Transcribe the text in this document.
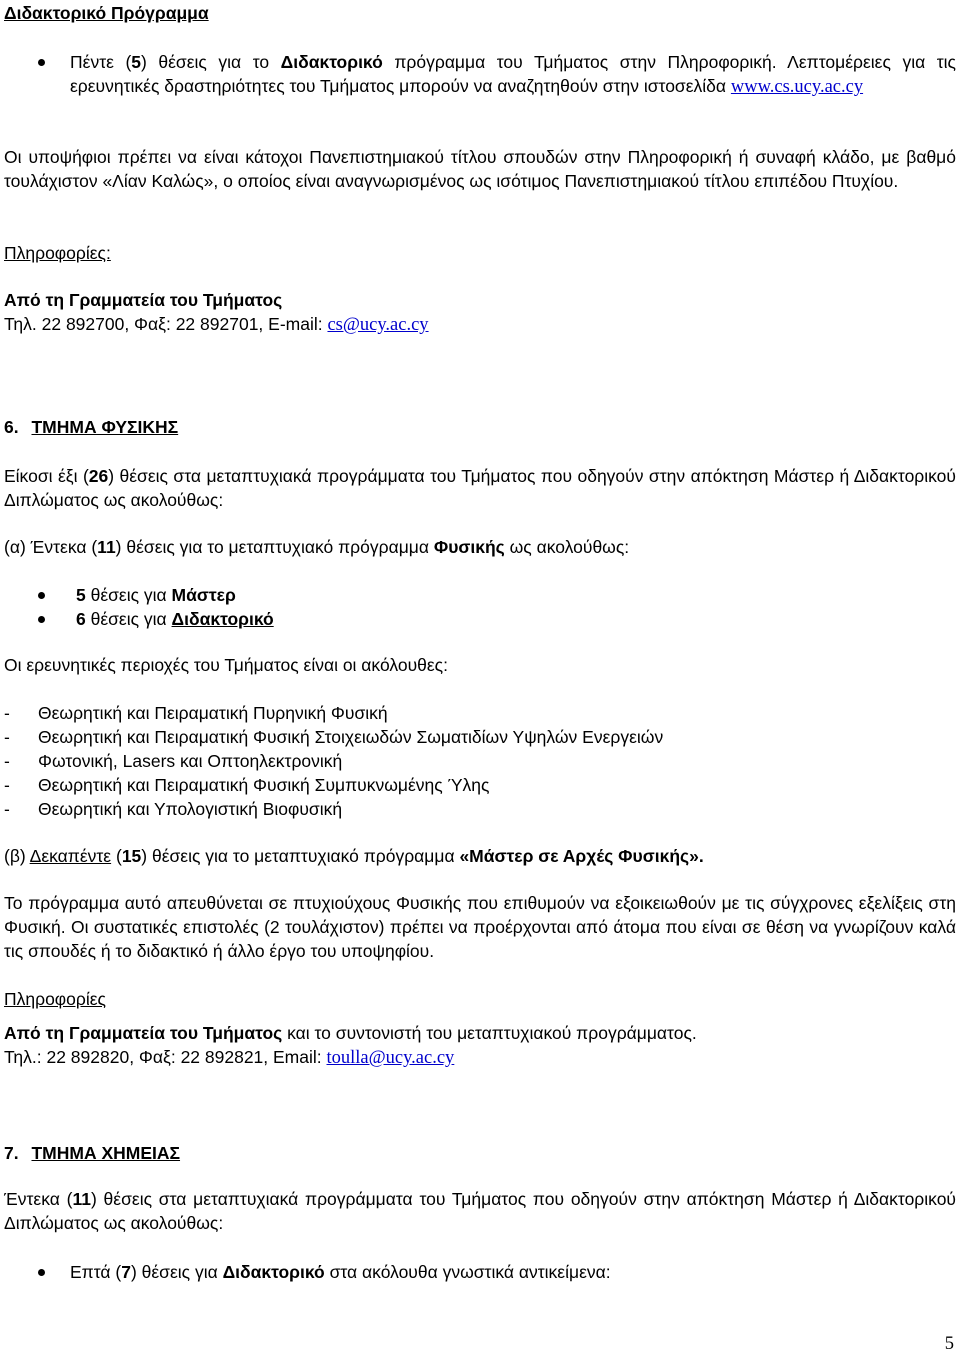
Διδακτορικό Πρόγραμμα

Πέντε (5) θέσεις για το Διδακτορικό πρόγραμμα του Τμήματος στην Πληροφορική. Λεπτομέρειες για τις ερευνητικές δραστηριότητες του Τμήματος μπορούν να αναζητηθούν στην ιστοσελίδα www.cs.ucy.ac.cy

Οι υποψήφιοι πρέπει να είναι κάτοχοι Πανεπιστημιακού τίτλου σπουδών στην Πληροφορική ή συναφή κλάδο, με βαθμό τουλάχιστον «Λίαν Καλώς», ο οποίος είναι αναγνωρισμένος ως ισότιμος Πανεπιστημιακού τίτλου επιπέδου Πτυχίου.

Πληροφορίες:

Από τη Γραμματεία του Τμήματος

Τηλ. 22 892700, Φαξ: 22 892701, E-mail: cs@ucy.ac.cy

6. ΤΜΗΜΑ ΦΥΣΙΚΗΣ

Είκοσι έξι (26) θέσεις στα μεταπτυχιακά προγράμματα του Τμήματος που οδηγούν στην απόκτηση Μάστερ ή Διδακτορικού Διπλώματος ως ακολούθως:

(α) Έντεκα (11) θέσεις για το μεταπτυχιακό πρόγραμμα Φυσικής ως ακολούθως:

5 θέσεις για Μάστερ

6 θέσεις για Διδακτορικό

Οι ερευνητικές περιοχές του Τμήματος είναι οι ακόλουθες:

- Θεωρητική και Πειραματική Πυρηνική Φυσική

- Θεωρητική και Πειραματική Φυσική Στοιχειωδών Σωματιδίων Υψηλών Ενεργειών

- Φωτονική, Lasers και Οπτοηλεκτρονική

- Θεωρητική και Πειραματική Φυσική Συμπυκνωμένης Ύλης

- Θεωρητική και Υπολογιστική Βιοφυσική

(β) Δεκαπέντε (15) θέσεις για το μεταπτυχιακό πρόγραμμα «Μάστερ σε Αρχές Φυσικής».

Το πρόγραμμα αυτό απευθύνεται σε πτυχιούχους Φυσικής που επιθυμούν να εξοικειωθούν με τις σύγχρονες εξελίξεις στη Φυσική. Οι συστατικές επιστολές (2 τουλάχιστον) πρέπει να προέρχονται από άτομα που είναι σε θέση να γνωρίζουν καλά τις σπουδές ή το διδακτικό ή άλλο έργο του υποψηφίου.

Πληροφορίες

Από τη Γραμματεία του Τμήματος και το συντονιστή του μεταπτυχιακού προγράμματος.

Τηλ.: 22 892820, Φαξ: 22 892821, Email: toulla@ucy.ac.cy

7. ΤΜΗΜΑ ΧΗΜΕΙΑΣ

Έντεκα (11) θέσεις στα μεταπτυχιακά προγράμματα του Τμήματος που οδηγούν στην απόκτηση Μάστερ ή Διδακτορικού Διπλώματος ως ακολούθως:

Επτά (7) θέσεις για Διδακτορικό στα ακόλουθα γνωστικά αντικείμενα:

5
